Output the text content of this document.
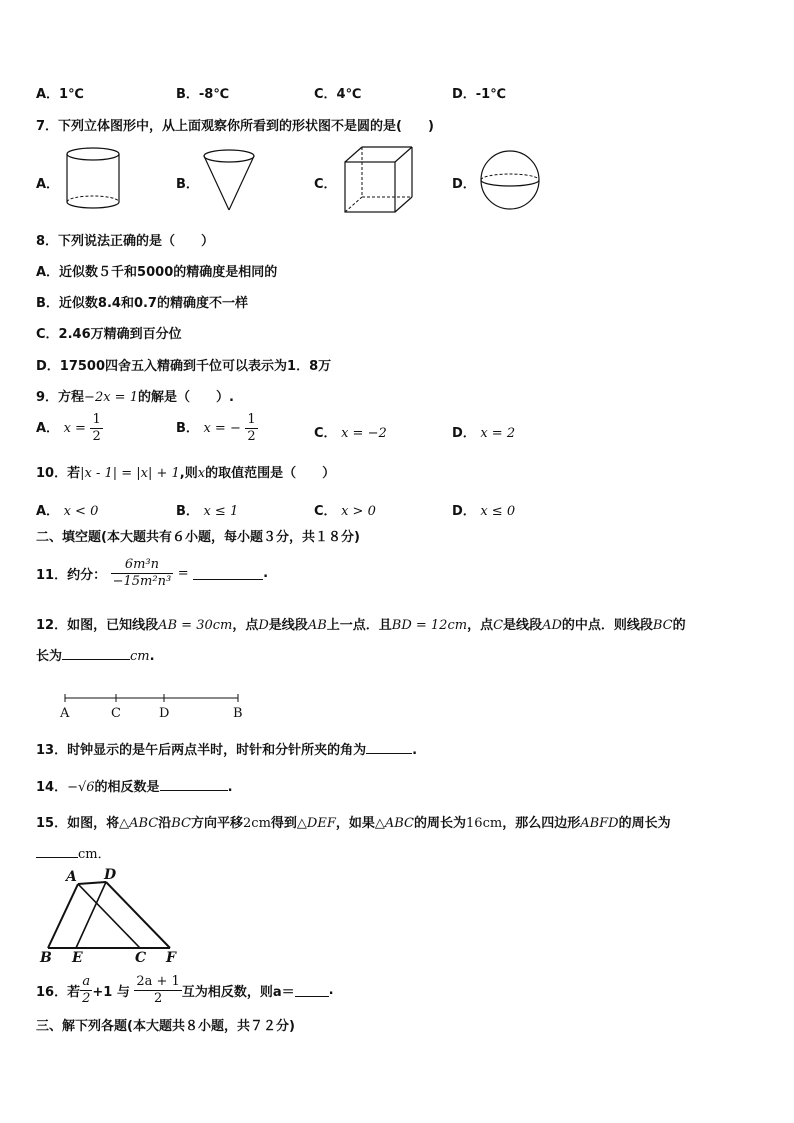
A．1℃	B．-8℃	C．4℃	D．-1℃
7．下列立体图形中，从上面观察你所看到的形状图不是圆的是(　　)
A．	B．	C．	D．
8．下列说法正确的是（　　）
A．近似数５千和5000的精确度是相同的
B．近似数8.4和0.7的精确度不一样
C．2.46万精确到百分位
D．17500四舍五入精确到千位可以表示为1．8万
9．方程−2x = 1的解是（　　）.
A． $x = \frac{1}{2}$	B． x = − $\frac{1}{2}$	C． x = −2	D． x = 2
10．若|x - 1| = |x| + 1,则x的取值范围是（　　）
A． x < 0	B． x ≤ 1	C． x > 0	D． x ≤ 0
二、填空题(本大题共有６小题，每小题３分，共１８分)
11．约分： $\frac{\text{6m³n}}{\text{−15m²n³}}$ =	.
12．如图，已知线段AB = 30cm，点D是线段AB上一点．且BD = 12cm，点C是线段AD的中点．则线段BC的
长为	cm.
A	C	D	B
13．时钟显示的是午后两点半时，时针和分针所夹的角为	.
14．−√6的相反数是	.
15．如图，将△ABC沿BC方向平移2cm得到△DEF，如果△ABC的周长为16cm，那么四边形ABFD的周长为
cm．
A D
B E	C F
16．若 $\frac{a}{2} +1$ 与 $\frac{2a + 1}{2}$ 互为相反数，则a＝	.
三、解下列各题(本大题共８小题，共７２分)
